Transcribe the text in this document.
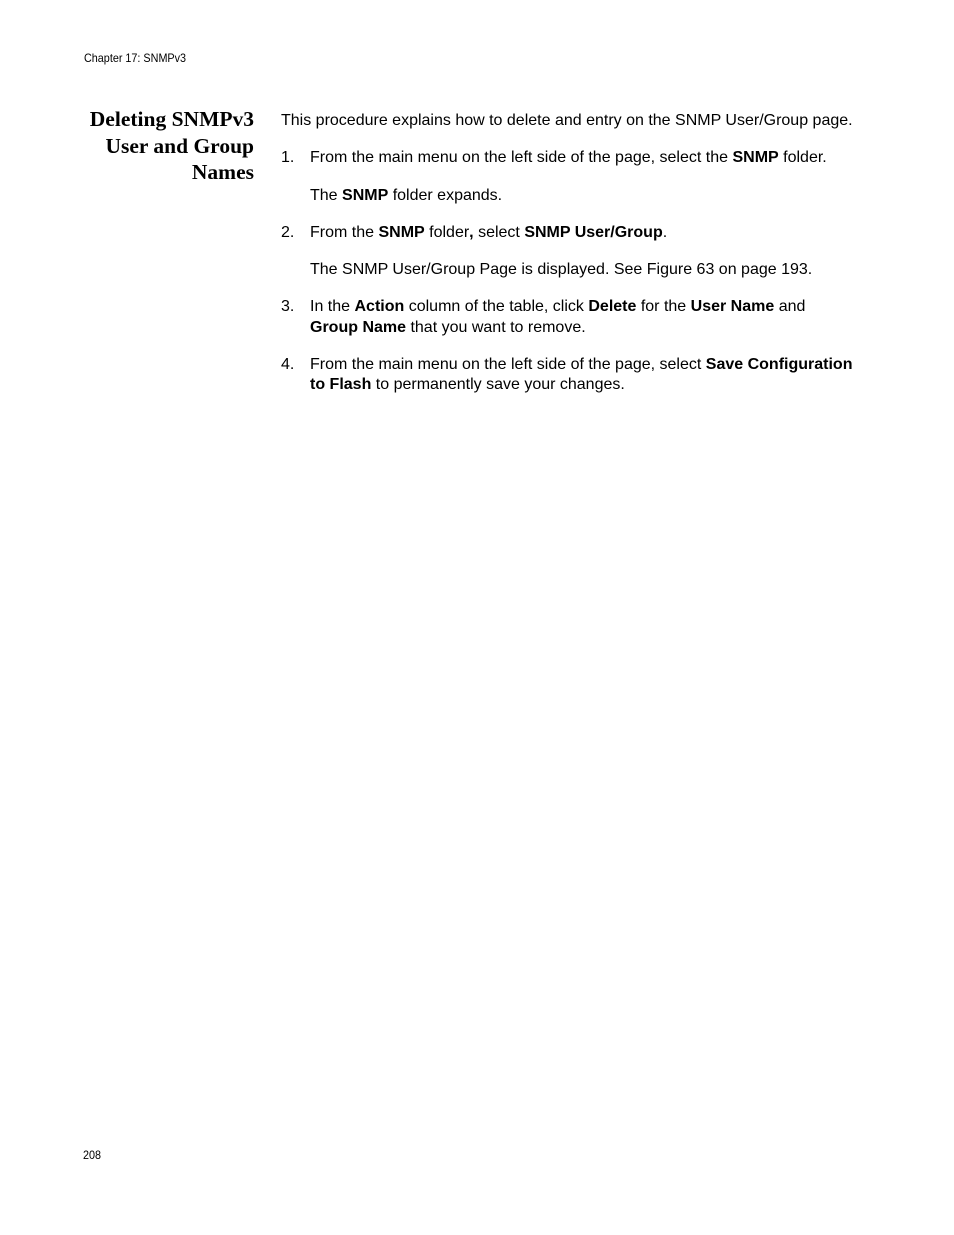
Chapter 17: SNMPv3
Deleting SNMPv3
User and Group
Names

This procedure explains how to delete and entry on the SNMP User/Group page.

1. From the main menu on the left side of the page, select the SNMP folder.

The SNMP folder expands.

2. From the SNMP folder, select SNMP User/Group.

The SNMP User/Group Page is displayed. See Figure 63 on page 193.

3. In the Action column of the table, click Delete for the User Name and Group Name that you want to remove.

4. From the main menu on the left side of the page, select Save Configuration to Flash to permanently save your changes.

208
